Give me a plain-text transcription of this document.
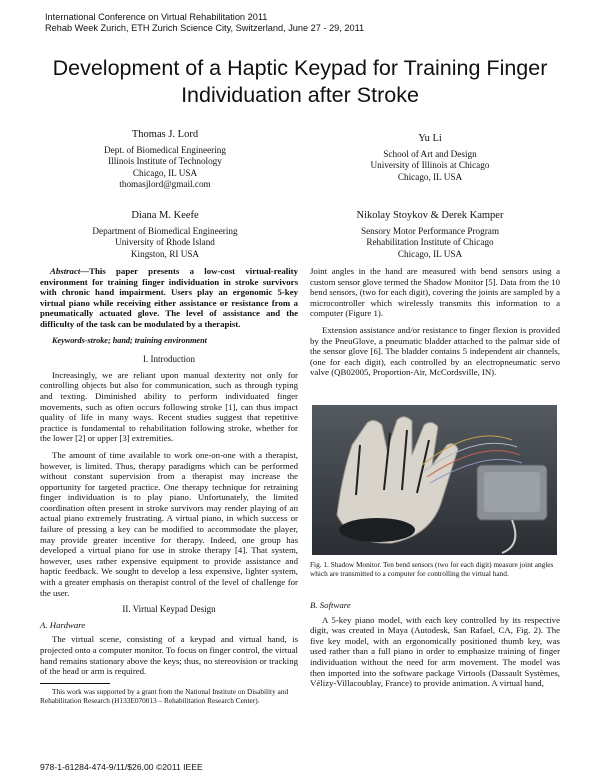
International Conference on Virtual Rehabilitation 2011
Rehab Week Zurich, ETH Zurich Science City, Switzerland, June 27 - 29, 2011
Development of a Haptic Keypad for Training Finger
Individuation after Stroke
Thomas J. Lord
Dept. of Biomedical Engineering
Illinois Institute of Technology
Chicago, IL USA
thomasjlord@gmail.com
Yu Li
School of Art and Design
University of Illinois at Chicago
Chicago, IL USA
Diana M. Keefe
Department of Biomedical Engineering
University of Rhode Island
Kingston, RI USA
Nikolay Stoykov & Derek Kamper
Sensory Motor Performance Program
Rehabilitation Institute of Chicago
Chicago, IL USA

Abstract—This paper presents a low-cost virtual-reality environment for training finger individuation in stroke survivors with chronic hand impairment. Users play an ergonomic 5-key virtual piano while receiving either assistance or resistance from a pneumatically actuated glove. The level of assistance and the difficulty of the task can be modulated by a therapist.

Keywords-stroke; hand; training environment

I. Introduction

Increasingly, we are reliant upon manual dexterity not only for controlling objects but also for communication, such as through typing and texting. Diminished ability to perform individuated finger movements, such as often occurs following stroke [1], can thus impact quality of life in many ways. Recent studies suggest that repetitive practice is fundamental to rehabilitation following stroke, whether for the lower [2] or upper [3] extremities.

The amount of time available to work one-on-one with a therapist, however, is limited. Thus, therapy paradigms which can be performed without constant supervision from a therapist may increase the opportunity for targeted practice. One therapy technique for retraining finger individuation is to play piano. Unfortunately, the limited coordination often present in stroke survivors may render playing of an actual piano extremely frustrating. A virtual piano, in which success or failure of pressing a key can be modified to accommodate the player, may provide greater incentive for therapy. Indeed, one group has developed a virtual piano for use in stroke therapy [4]. That system, however, uses rather expensive equipment to provide assistance and haptic feedback. We sought to develop a less expensive, lighter system, with a greater emphasis on therapist control of the level of challenge for the user.

II. Virtual Keypad Design

A. Hardware

The virtual scene, consisting of a keypad and virtual hand, is projected onto a computer monitor. To focus on finger control, the virtual hand remains stationary above the keys; thus, no stereovision or tracking of the head or arm is required.

This work was supported by a grant from the National Institute on Disability and Rehabilitation Research (H133E070013 – Rehabilitation Research Center).

Joint angles in the hand are measured with bend sensors using a custom sensor glove termed the Shadow Monitor [5]. Data from the 10 bend sensors, (two for each digit), covering the joints are sampled by a microcontroller which wirelessly transmits this information to a computer (Figure 1).

Extension assistance and/or resistance to finger flexion is provided by the PneuGlove, a pneumatic bladder attached to the palmar side of the sensor glove [6]. The bladder contains 5 independent air channels, (one for each digit), each controlled by an electropneumatic servo valve (QB02005, Proportion-Air, McCordsville, IN).

Fig. 1. Shadow Monitor. Ten bend sensors (two for each digit) measure joint angles which are transmitted to a computer for controlling the virtual hand.

B. Software

A 5-key piano model, with each key controlled by its respective digit, was created in Maya (Autodesk, San Rafael, CA, Fig. 2). The five key model, with an ergonomically positioned thumb key, was used rather than a full piano in order to emphasize training of finger individuation without the need for arm movement. The model was then imported into the software package Virtools (Dassault Systèmes, Vélizy-Villacoublay, France) to provide animation. A virtual hand,

978-1-61284-474-9/11/$26.00 ©2011 IEEE
